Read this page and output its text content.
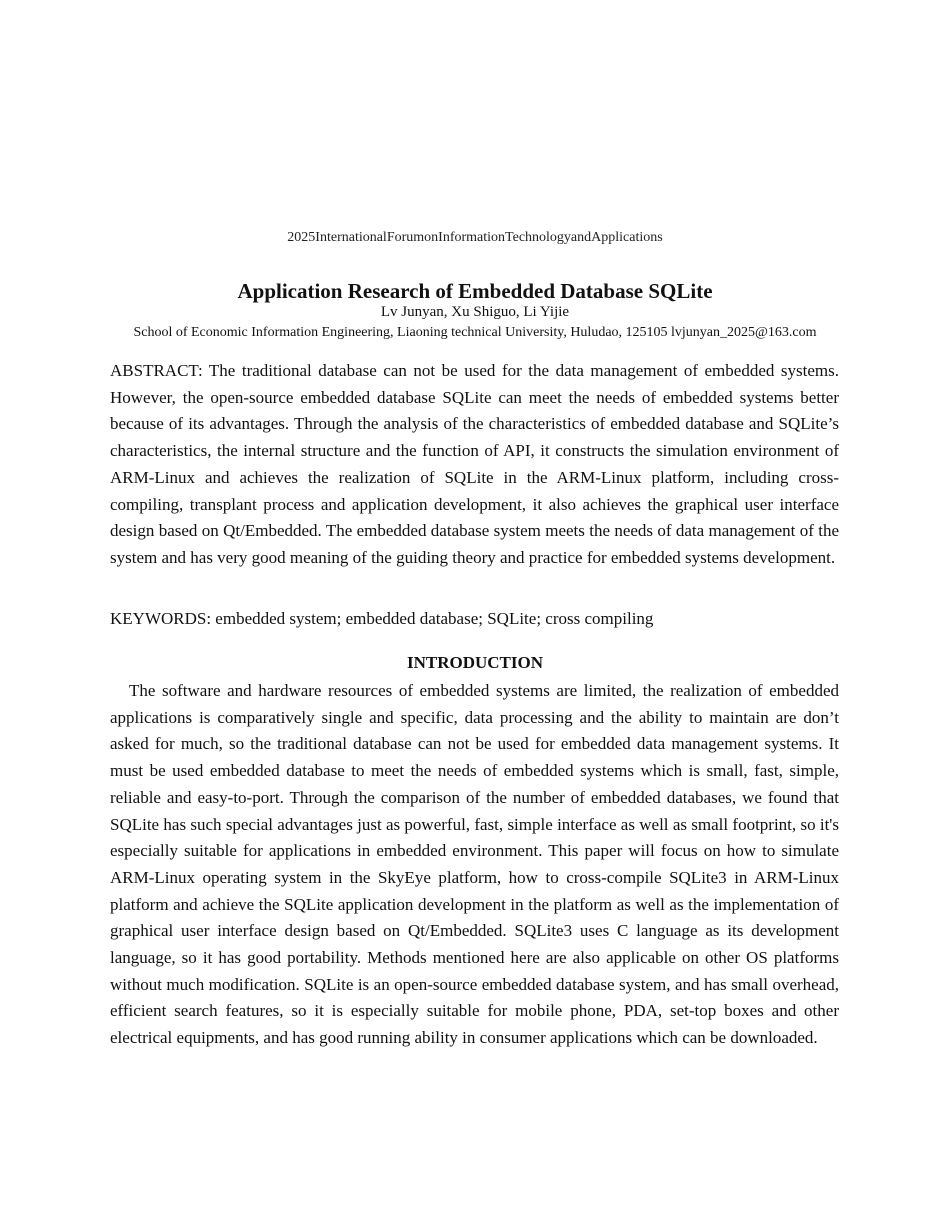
2025InternationalForumonInformationTechnologyandApplications

Application Research of Embedded Database SQLite

Lv Junyan, Xu Shiguo, Li Yijie

School of Economic Information Engineering, Liaoning technical University, Huludao, 125105 lvjunyan_2025@163.com

ABSTRACT: The traditional database can not be used for the data management of embedded systems. However, the open-source embedded database SQLite can meet the needs of embedded systems better because of its advantages. Through the analysis of the characteristics of embedded database and SQLite’s characteristics, the internal structure and the function of API, it constructs the simulation environment of ARM-Linux and achieves the realization of SQLite in the ARM-Linux platform, including cross-compiling, transplant process and application development, it also achieves the graphical user interface design based on Qt/Embedded. The embedded database system meets the needs of data management of the system and has very good meaning of the guiding theory and practice for embedded systems development.

KEYWORDS: embedded system; embedded database; SQLite; cross compiling

INTRODUCTION

The software and hardware resources of embedded systems are limited, the realization of embedded applications is comparatively single and specific, data processing and the ability to maintain are don’t asked for much, so the traditional database can not be used for embedded data management systems. It must be used embedded database to meet the needs of embedded systems which is small, fast, simple, reliable and easy-to-port. Through the comparison of the number of embedded databases, we found that SQLite has such special advantages just as powerful, fast, simple interface as well as small footprint, so it's especially suitable for applications in embedded environment. This paper will focus on how to simulate ARM-Linux operating system in the SkyEye platform, how to cross-compile SQLite3 in ARM-Linux platform and achieve the SQLite application development in the platform as well as the implementation of graphical user interface design based on Qt/Embedded. SQLite3 uses C language as its development language, so it has good portability. Methods mentioned here are also applicable on other OS platforms without much modification. SQLite is an open-source embedded database system, and has small overhead, efficient search features, so it is especially suitable for mobile phone, PDA, set-top boxes and other electrical equipments, and has good running ability in consumer applications which can be downloaded.
